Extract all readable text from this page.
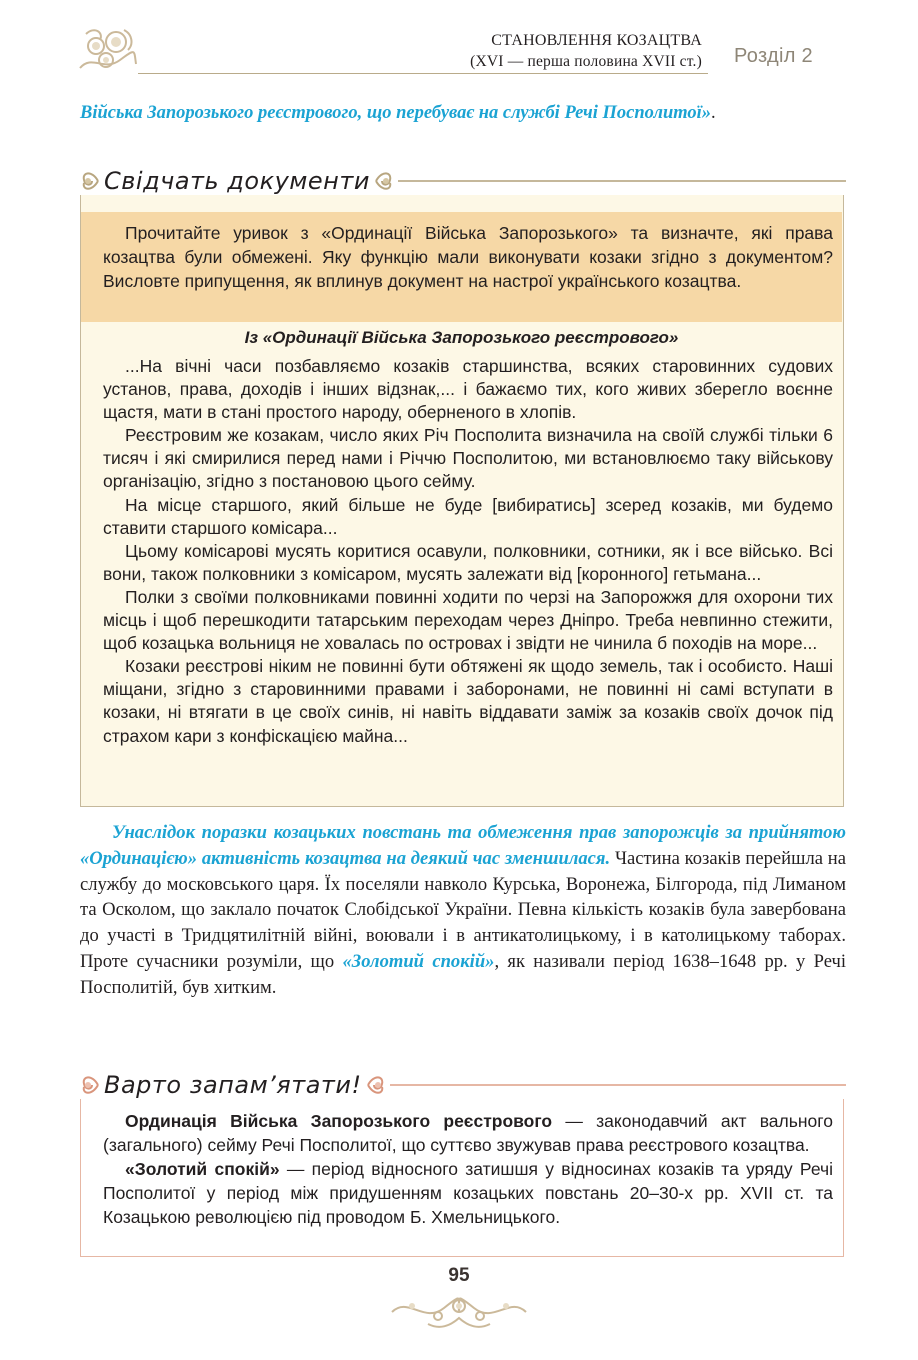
СТАНОВЛЕННЯ КОЗАЦТВА
(XVI — перша половина XVII ст.) Розділ 2
Війська Запорозького реєстрового, що перебуває на службі Речі Посполитої».
Свідчать документи
Прочитайте уривок з «Ординації Війська Запорозького» та визначте, які права козацтва були обмежені. Яку функцію мали виконувати козаки згідно з документом? Висловте припущення, як вплинув документ на настрої українського козацтва.
Із «Ординації Війська Запорозького реєстрового»

...На вічні часи позбавляємо козаків старшинства, всяких старовинних судових установ, права, доходів і інших відзнак,... і бажаємо тих, кого живих зберегло воєнне щастя, мати в стані простого народу, оберненого в хлопів.

Реєстровим же козакам, число яких Річ Посполита визначила на своїй службі тільки 6 тисяч і які смирилися перед нами і Річчю Посполитою, ми встановлюємо таку військову організацію, згідно з постановою цього сейму.

На місце старшого, який більше не буде [вибиратись] зсеред козаків, ми будемо ставити старшого комісара...

Цьому комісарові мусять коритися осавули, полковники, сотники, як і все військо. Всі вони, також полковники з комісаром, мусять залежати від [коронного] гетьмана...

Полки з своїми полковниками повинні ходити по черзі на Запорожжя для охорони тих місць і щоб перешкодити татарським переходам через Дніпро. Треба невпинно стежити, щоб козацька вольниця не ховалась по островах і звідти не чинила б походів на море...

Козаки реєстрові ніким не повинні бути обтяжені як щодо земель, так і особисто. Наші міщани, згідно з старовинними правами і заборонами, не повинні ні самі вступати в козаки, ні втягати в це своїх синів, ні навіть віддавати заміж за козаків своїх дочок під страхом кари з конфіскацією майна...

Унаслідок поразки козацьких повстань та обмеження прав запорожців за прийнятою «Ординацією» активність козацтва на деякий час зменшилася. Частина козаків перейшла на службу до московського царя. Їх поселяли навколо Курська, Воронежа, Білгорода, під Лиманом та Осколом, що заклало початок Слобідської України. Певна кількість козаків була завербована до участі в Тридцятилітній війні, воювали і в антикатолицькому, і в католицькому таборах. Проте сучасники розуміли, що «Золотий спокій», як називали період 1638–1648 рр. у Речі Посполитій, був хитким.

Варто запам’ятати!

Ординація Війська Запорозького реєстрового — законодавчий акт вального (загального) сейму Речі Посполитої, що суттєво звужував права реєстрового козацтва.

«Золотий спокій» — період відносного затишшя у відносинах козаків та уряду Речі Посполитої у період між придушенням козацьких повстань 20–30-х рр. XVII ст. та Козацькою революцією під проводом Б. Хмельницького.

95
